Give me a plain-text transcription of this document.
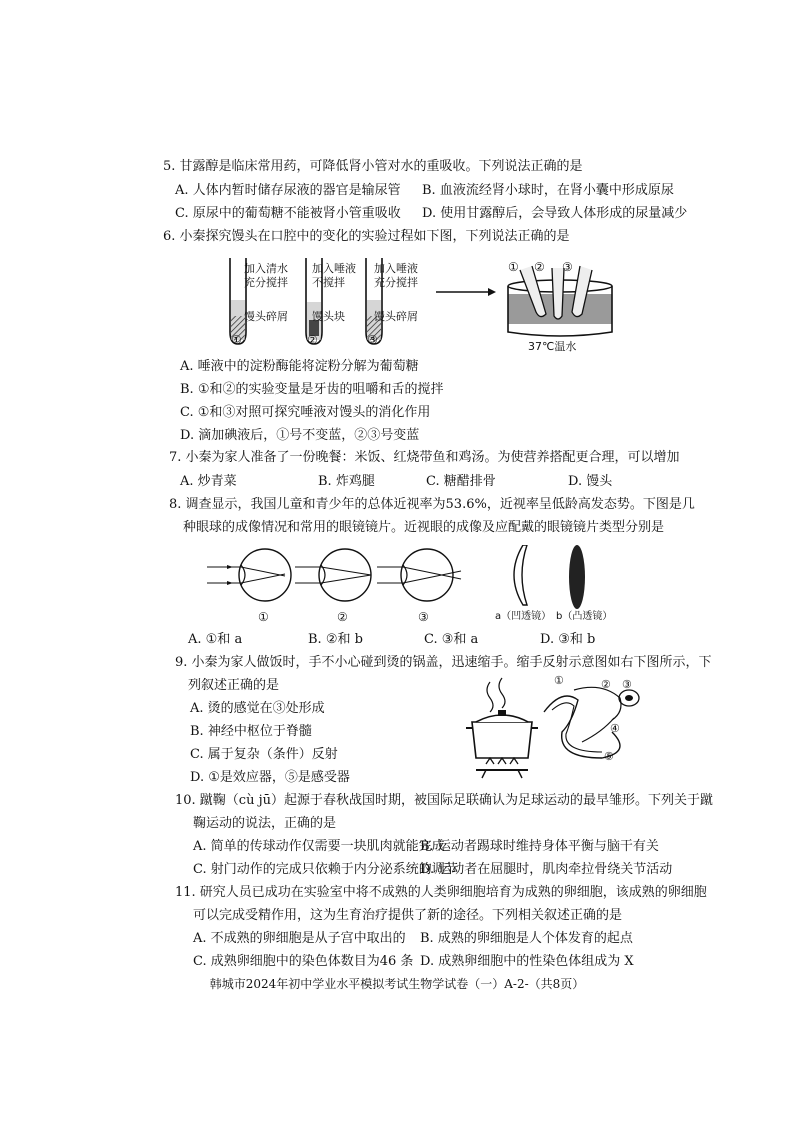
5. 甘露醇是临床常用药，可降低肾小管对水的重吸收。下列说法正确的是
A. 人体内暂时储存尿液的器官是输尿管 B. 血液流经肾小球时，在肾小囊中形成原尿
C. 原尿中的葡萄糖不能被肾小管重吸收 D. 使用甘露醇后，会导致人体形成的尿量减少
6. 小秦探究馒头在口腔中的变化的实验过程如下图，下列说法正确的是
加入清水
充分搅拌
馒头碎屑
加入唾液
不搅拌
馒头块
加入唾液
充分搅拌
馒头碎屑
①	②	③
① ② ③
37℃温水
A. 唾液中的淀粉酶能将淀粉分解为葡萄糖
B. ①和②的实验变量是牙齿的咀嚼和舌的搅拌
C. ①和③对照可探究唾液对馒头的消化作用
D. 滴加碘液后，①号不变蓝，②③号变蓝
7. 小秦为家人准备了一份晚餐：米饭、红烧带鱼和鸡汤。为使营养搭配更合理，可以增加
A. 炒青菜	B. 炸鸡腿	C. 糖醋排骨	D. 馒头
8. 调查显示，我国儿童和青少年的总体近视率为53.6%，近视率呈低龄高发态势。下图是几
种眼球的成像情况和常用的眼镜镜片。近视眼的成像及应配戴的眼镜镜片类型分别是
①	②	③	a（凹透镜） b（凸透镜）
A. ①和 a	B. ②和 b	C. ③和 a	D. ③和 b
9. 小秦为家人做饭时，手不小心碰到烫的锅盖，迅速缩手。缩手反射示意图如右下图所示，下
列叙述正确的是
A. 烫的感觉在③处形成
B. 神经中枢位于脊髓
C. 属于复杂（条件）反射
D. ①是效应器，⑤是感受器
①	② ③
④
⑤
10. 蹴鞠（cù jū）起源于春秋战国时期，被国际足联确认为足球运动的最早雏形。下列关于蹴
鞠运动的说法，正确的是
A. 简单的传球动作仅需要一块肌肉就能完成
B. 运动者踢球时维持身体平衡与脑干有关
C. 射门动作的完成只依赖于内分泌系统的调节
D. 运动者在屈腿时，肌肉牵拉骨绕关节活动
11. 研究人员已成功在实验室中将不成熟的人类卵细胞培育为成熟的卵细胞，该成熟的卵细胞
可以完成受精作用，这为生育治疗提供了新的途径。下列相关叙述正确的是
A. 不成熟的卵细胞是从子宫中取出的 B. 成熟的卵细胞是人个体发育的起点
C. 成熟卵细胞中的染色体数目为46 条 D. 成熟卵细胞中的性染色体组成为 X
韩城市2024年初中学业水平模拟考试生物学试卷（一）A-2-（共8页）
